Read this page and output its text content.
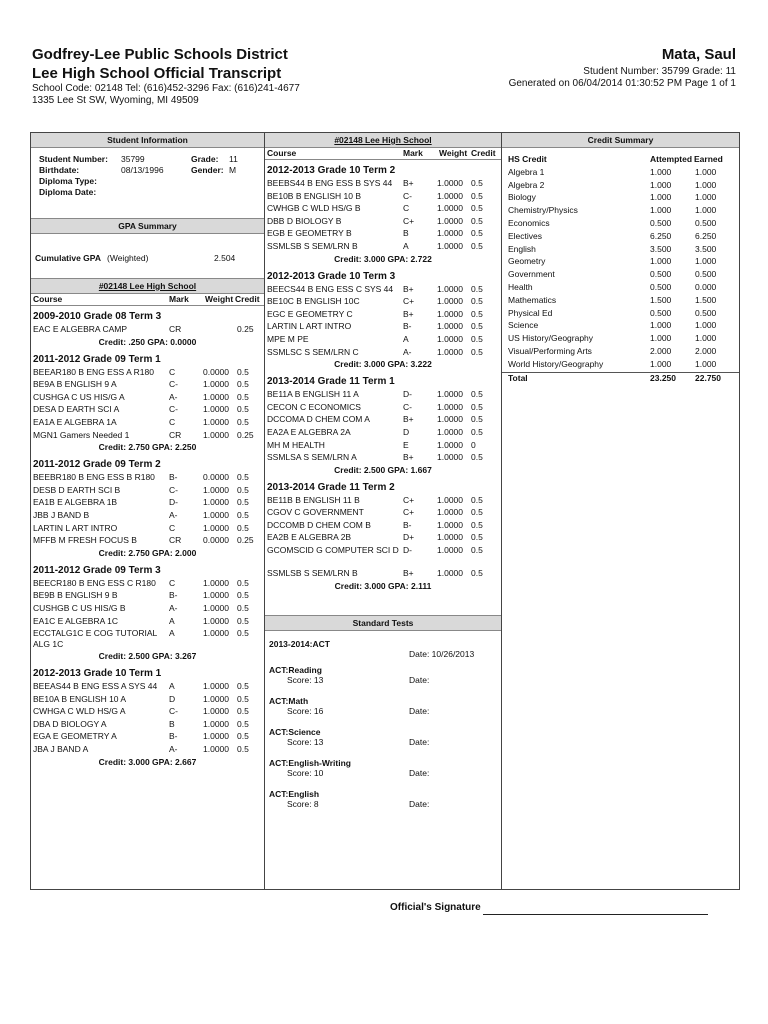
Godfrey-Lee Public Schools District
Lee High School Official Transcript
School Code: 02148 Tel: (616)452-3296 Fax: (616)241-4677
1335 Lee St SW, Wyoming, MI 49509
Mata, Saul
Student Number: 35799 Grade: 11
Generated on 06/04/2014 01:30:52 PM Page 1 of 1
Student Information
Student Number: 35799	Grade: 11
Birthdate:	08/13/1996	Gender: M
Diploma Type:
Diploma Date:
GPA Summary
Cumulative GPA (Weighted)	2.504
#02148 Lee High School
Course	Mark Weight Credit
2009-2010 Grade 08 Term 3
EAC E ALGEBRA CAMP	CR	0.25
Credit: .250 GPA: 0.0000
2011-2012 Grade 09 Term 1
BEEAR180 B ENG ESS A R180 C	0.0000 0.5
BE9A B ENGLISH 9 A	C-	1.0000 0.5
CUSHGA C US HIS/G A	A-	1.0000 0.5
DESA D EARTH SCI A	C-	1.0000 0.5
EA1A E ALGEBRA 1A	C	1.0000 0.5
MGN1 Gamers Needed 1	CR	1.0000 0.25
Credit: 2.750 GPA: 2.250
2011-2012 Grade 09 Term 2
BEEBR180 B ENG ESS B R180 B-	0.0000 0.5
DESB D EARTH SCI B	C-	1.0000 0.5
EA1B E ALGEBRA 1B	D-	1.0000 0.5
JBB J BAND B	A-	1.0000 0.5
LARTIN L ART INTRO	C	1.0000 0.5
MFFB M FRESH FOCUS B	CR	0.0000 0.25
Credit: 2.750 GPA: 2.000
2011-2012 Grade 09 Term 3
BEECR180 B ENG ESS C R180 C	1.0000 0.5
BE9B B ENGLISH 9 B	B-	1.0000 0.5
CUSHGB C US HIS/G B	A-	1.0000 0.5
EA1C E ALGEBRA 1C	A	1.0000 0.5
ECCTALG1C E COG TUTORIAL ALG 1C
A	1.0000 0.5
Credit: 2.500 GPA: 3.267
2012-2013 Grade 10 Term 1
BEEAS44 B ENG ESS A SYS 44 A	1.0000 0.5
BE10A B ENGLISH 10 A	D	1.0000 0.5
CWHGA C WLD HS/G A	C-	1.0000 0.5
DBA D BIOLOGY A	B	1.0000 0.5
EGA E GEOMETRY A	B-	1.0000 0.5
JBA J BAND A	A-	1.0000 0.5
Credit: 3.000 GPA: 2.667
#02148 Lee High School
Course	Mark Weight Credit
2012-2013 Grade 10 Term 2
BEEBS44 B ENG ESS B SYS 44 B+	1.0000 0.5
BE10B B ENGLISH 10 B	C-	1.0000 0.5
CWHGB C WLD HS/G B	C	1.0000 0.5
DBB D BIOLOGY B	C+	1.0000 0.5
EGB E GEOMETRY B	B	1.0000 0.5
SSMLSB S SEM/LRN B	A	1.0000 0.5
Credit: 3.000 GPA: 2.722
2012-2013 Grade 10 Term 3
BEECS44 B ENG ESS C SYS 44 B+	1.0000 0.5
BE10C B ENGLISH 10C	C+	1.0000 0.5
EGC E GEOMETRY C	B+	1.0000 0.5
LARTIN L ART INTRO	B-	1.0000 0.5
MPE M PE	A	1.0000 0.5
SSMLSC S SEM/LRN C	A-	1.0000 0.5
Credit: 3.000 GPA: 3.222
2013-2014 Grade 11 Term 1
BE11A B ENGLISH 11 A	D-	1.0000 0.5
CECON C ECONOMICS	C-	1.0000 0.5
DCCOMA D CHEM COM A	B+	1.0000 0.5
EA2A E ALGEBRA 2A	D	1.0000 0.5
MH M HEALTH	E	1.0000 0
SSMLSA S SEM/LRN A	B+	1.0000 0.5
Credit: 2.500 GPA: 1.667
2013-2014 Grade 11 Term 2
BE11B B ENGLISH 11 B	C+	1.0000 0.5
CGOV C GOVERNMENT	C+	1.0000 0.5
DCCOMB D CHEM COM B	B-	1.0000 0.5
EA2B E ALGEBRA 2B	D+	1.0000 0.5
GCOMSCID G COMPUTER SCI D D-	1.0000 0.5
SSMLSB S SEM/LRN B	B+	1.0000 0.5
Credit: 3.000 GPA: 2.111
Standard Tests
2013-2014:ACT
Date: 10/26/2013
ACT:Reading
Score: 13	Date:
ACT:Math
Score: 16	Date:
ACT:Science
Score: 13	Date:
ACT:English-Writing
Score: 10	Date:
ACT:English
Score: 8	Date:
Credit Summary
HS Credit	Attempted Earned
Algebra 1	1.000	1.000
Algebra 2	1.000	1.000
Biology	1.000	1.000
Chemistry/Physics	1.000	1.000
Economics	0.500	0.500
Electives	6.250	6.250
English	3.500	3.500
Geometry	1.000	1.000
Government	0.500	0.500
Health	0.500	0.000
Mathematics	1.500	1.500
Physical Ed	0.500	0.500
Science	1.000	1.000
US History/Geography	1.000	1.000
Visual/Performing Arts	2.000	2.000
World History/Geography	1.000	1.000
Total	23.250 22.750
Official's Signature
